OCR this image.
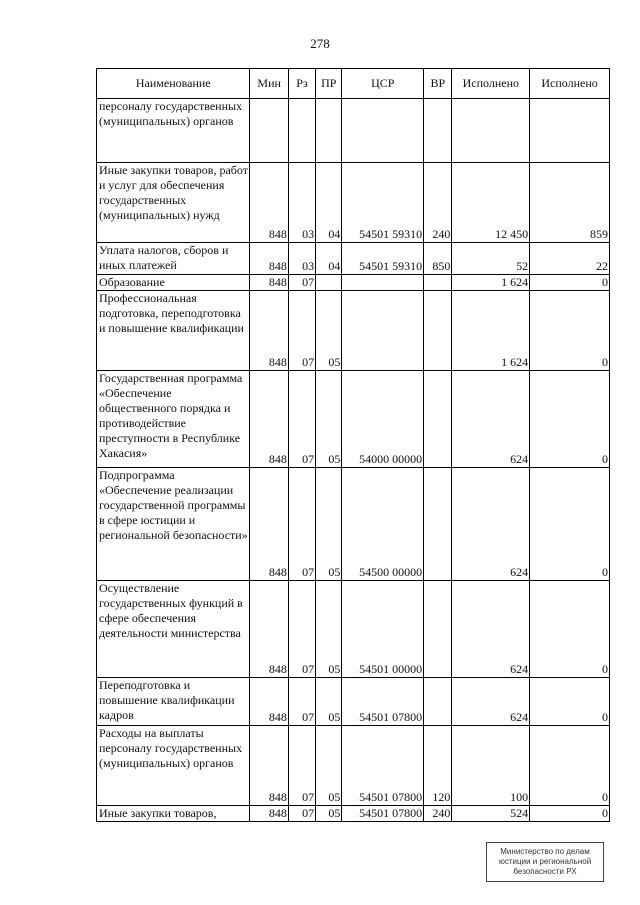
278
Наименование	Мин	Рз	ПР	ЦСР	ВР	Исполнено	Исполнено
персоналу государственных (муниципальных) органов							
Иные закупки товаров, работ и услуг для обеспечения государственных (муниципальных) нужд	848	03	04	54501 59310	240	12 450	859
Уплата налогов, сборов и иных платежей	848	03	04	54501 59310	850	52	22
Образование	848	07				1 624	0
Профессиональная подготовка, переподготовка и повышение квалификации	848	07	05			1 624	0
Государственная программа «Обеспечение общественного порядка и противодействие преступности в Республике Хакасия»	848	07	05	54000 00000		624	0
Подпрограмма «Обеспечение реализации государственной программы в сфере юстиции и региональной безопасности»	848	07	05	54500 00000		624	0
Осуществление государственных функций в сфере обеспечения деятельности министерства	848	07	05	54501 00000		624	0
Переподготовка и повышение квалификации кадров	848	07	05	54501 07800		624	0
Расходы на выплаты персоналу государственных (муниципальных) органов	848	07	05	54501 07800	120	100	0
Иные закупки товаров,	848	07	05	54501 07800	240	524	0
Министерство по делам
юстиции и региональной
безопасности РХ
